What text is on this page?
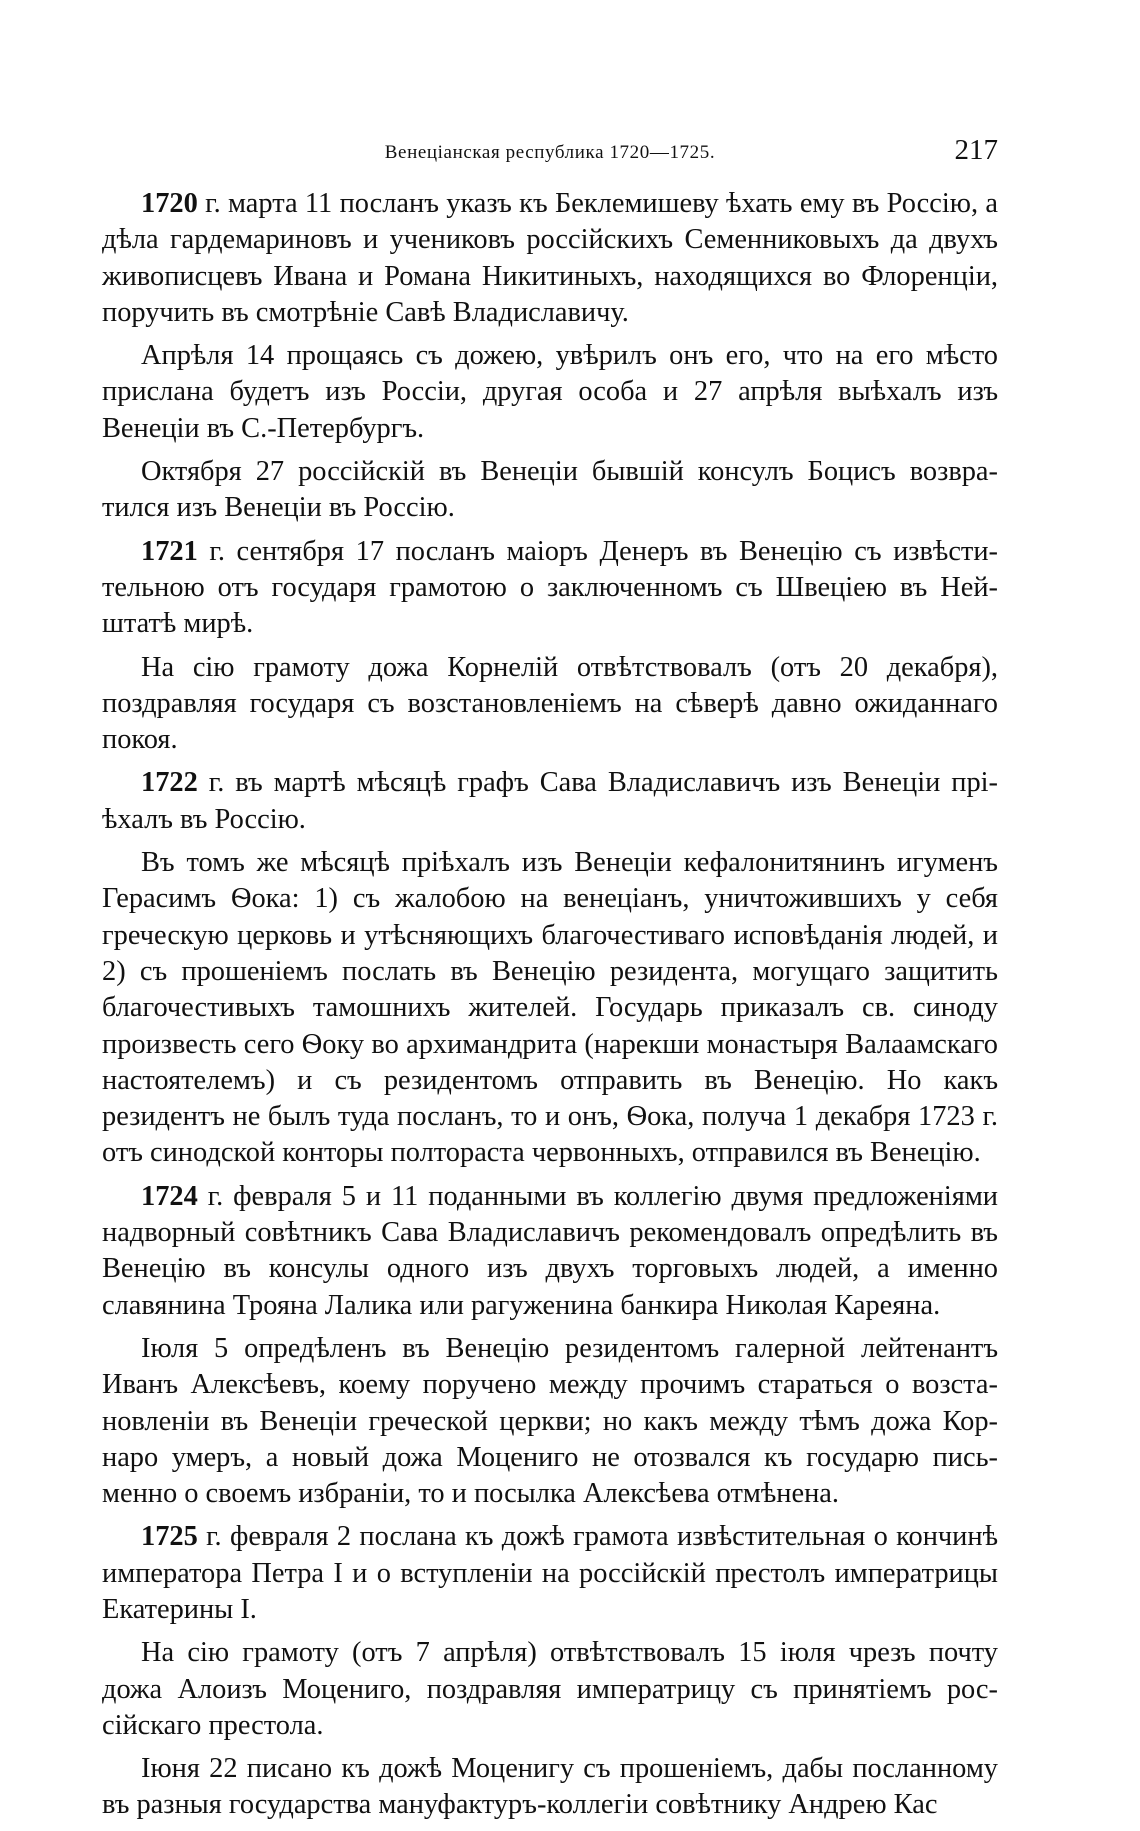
Венеціанская республика 1720—1725.	217

1720 г. марта 11 посланъ указъ къ Беклемишеву ѣхать ему въ Россію, а дѣла гардемариновъ и учениковъ россійскихъ Семенниковыхъ да двухъ живописцевъ Ивана и Романа Никитиныхъ, находящихся во Флоренціи, поручить въ смотрѣніе Савѣ Владиславичу.

Апрѣля 14 прощаясь съ дожею, увѣрилъ онъ его, что на его мѣсто прислана будетъ изъ Россіи, другая особа и 27 апрѣля выѣхалъ изъ Венеціи въ С.-Петербургъ.

Октября 27 россійскій въ Венеціи бывшій консулъ Боцисъ возвратился изъ Венеціи въ Россію.

1721 г. сентября 17 посланъ маіоръ Денеръ въ Венецію съ извѣстительною отъ государя грамотою о заключенномъ съ Швеціею въ Нейштатѣ мирѣ.

На сію грамоту дожа Корнелій отвѣтствовалъ (отъ 20 декабря), поздравляя государя съ возстановленіемъ на сѣверѣ давно ожиданнаго покоя.

1722 г. въ мартѣ мѣсяцѣ графъ Сава Владиславичъ изъ Венеціи пріѣхалъ въ Россію.

Въ томъ же мѣсяцѣ пріѣхалъ изъ Венеціи кефалонитянинъ игуменъ Герасимъ Ѳока: 1) съ жалобою на венеціанъ, уничтожившихъ у себя греческую церковь и утѣсняющихъ благочестиваго исповѣданія людей, и 2) съ прошеніемъ послать въ Венецію резидента, могущаго защитить благочестивыхъ тамошнихъ жителей. Государь приказалъ св. синоду произвесть сего Ѳоку во архимандрита (нарекши монастыря Валаамскаго настоятелемъ) и съ резидентомъ отправить въ Венецію. Но какъ резидентъ не былъ туда посланъ, то и онъ, Ѳока, получа 1 декабря 1723 г. отъ синодской конторы полтораста червонныхъ, отправился въ Венецію.

1724 г. февраля 5 и 11 поданными въ коллегію двумя предложеніями надворный совѣтникъ Сава Владиславичъ рекомендовалъ опредѣлить въ Венецію въ консулы одного изъ двухъ торговыхъ людей, а именно славянина Трояна Лалика или рагуженина банкира Николая Карeяна.

Іюля 5 опредѣленъ въ Венецію резидентомъ галерной лейтенантъ Иванъ Алексѣевъ, коему поручено между прочимъ стараться о возстановленіи въ Венеціи греческой церкви; но какъ между тѣмъ дожа Корнаро умеръ, а новый дожа Моцениго не отозвался къ государю письменно о своемъ избраніи, то и посылка Алексѣева отмѣнена.

1725 г. февраля 2 послана къ дожѣ грамота извѣстительная о кончинѣ императора Петра I и о вступленіи на россійскій престолъ императрицы Екатерины I.

На сію грамоту (отъ 7 апрѣля) отвѣтствовалъ 15 іюля чрезъ почту дожа Алоизъ Моцениго, поздравляя императрицу съ принятіемъ россійскаго престола.

Іюня 22 писано къ дожѣ Моценигу съ прошеніемъ, дабы посланному въ разныя государства мануфактуръ-коллегіи совѣтнику Андрею Кас
